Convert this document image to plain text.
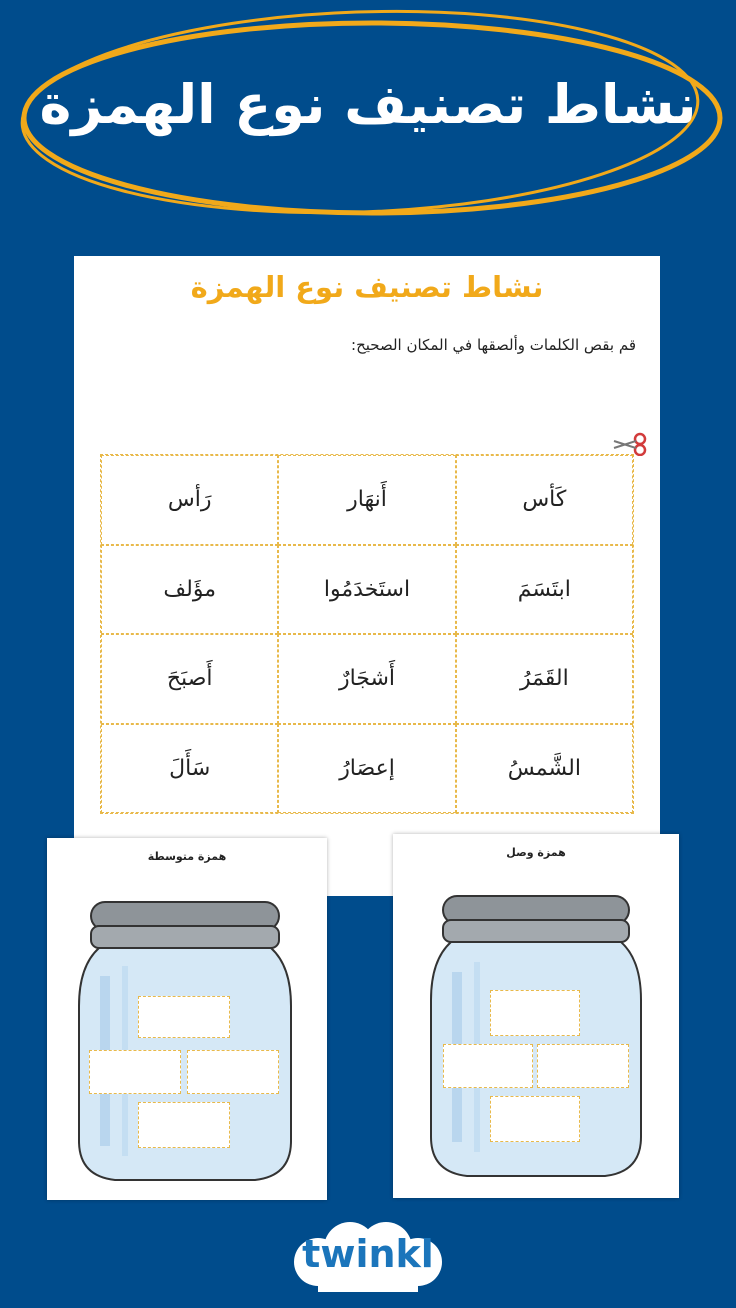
نشاط تصنيف نوع الهمزة
نشاط تصنيف نوع الهمزة
قم بقص الكلمات وألصقها في المكان الصحيح:
كَأس
أَنهَار
رَأس
ابتَسَمَ
استَخدَمُوا
مؤَلف
القَمَرُ
أَشجَارٌ
أَصبَحَ
الشَّمسُ
إعصَارُ
سَأَلَ
همزة متوسطة	همزة وصل
twinkl
